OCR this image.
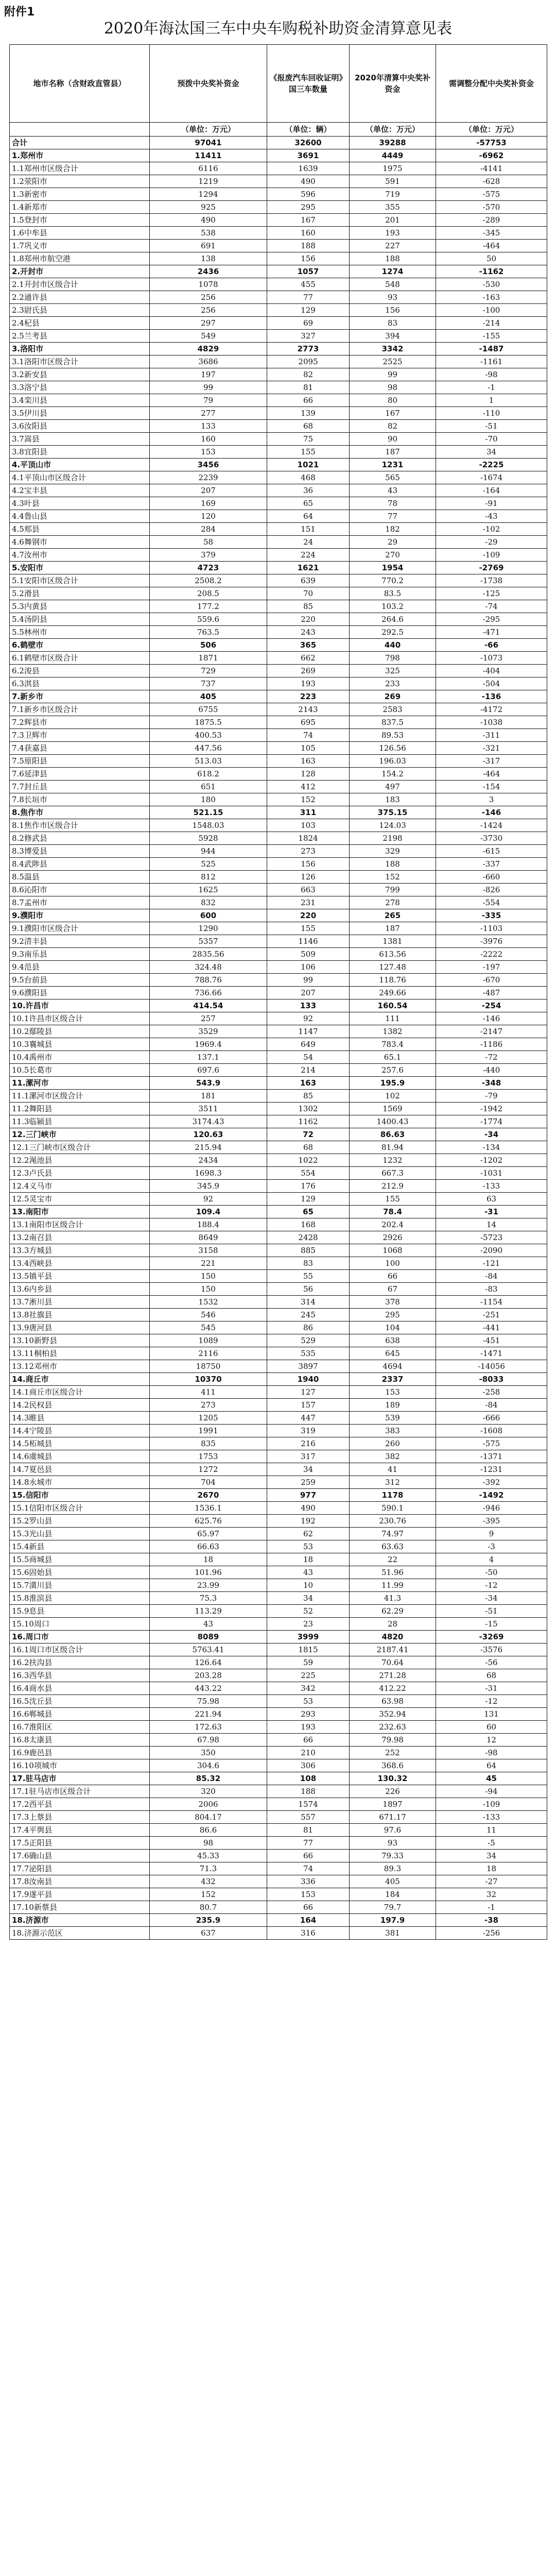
附件1
2020年海汰国三车中央车购税补助资金清算意见表
地市名称（含财政直管县）	预拨中央奖补资金	《报废汽车回收证明》国三车数量	2020年清算中央奖补资金	需调整分配中央奖补资金
	（单位：万元）	（单位：辆）	（单位：万元）	（单位：万元）
合计	97041	32600	39288	-57753
1.郑州市	11411	3691	4449	-6962
1.1郑州市区级合计	6116	1639	1975	-4141
1.2荥阳市	1219	490	591	-628
1.3新密市	1294	596	719	-575
1.4新郑市	925	295	355	-570
1.5登封市	490	167	201	-289
1.6中牟县	538	160	193	-345
1.7巩义市	691	188	227	-464
1.8郑州市航空港	138	156	188	50
2.开封市	2436	1057	1274	-1162
2.1开封市区级合计	1078	455	548	-530
2.2通许县	256	77	93	-163
2.3尉氏县	256	129	156	-100
2.4杞县	297	69	83	-214
2.5兰考县	549	327	394	-155
3.洛阳市	4829	2773	3342	-1487
3.1洛阳市区级合计	3686	2095	2525	-1161
3.2新安县	197	82	99	-98
3.3洛宁县	99	81	98	-1
3.4栾川县	79	66	80	1
3.5伊川县	277	139	167	-110
3.6汝阳县	133	68	82	-51
3.7嵩县	160	75	90	-70
3.8宜阳县	153	155	187	34
4.平顶山市	3456	1021	1231	-2225
4.1平顶山市区级合计	2239	468	565	-1674
4.2宝丰县	207	36	43	-164
4.3叶县	169	65	78	-91
4.4鲁山县	120	64	77	-43
4.5郏县	284	151	182	-102
4.6舞钢市	58	24	29	-29
4.7汝州市	379	224	270	-109
5.安阳市	4723	1621	1954	-2769
5.1安阳市区级合计	2508.2	639	770.2	-1738
5.2滑县	208.5	70	83.5	-125
5.3内黄县	177.2	85	103.2	-74
5.4汤阴县	559.6	220	264.6	-295
5.5林州市	763.5	243	292.5	-471
6.鹤壁市	506	365	440	-66
6.1鹤壁市区级合计	1871	662	798	-1073
6.2浚县	729	269	325	-404
6.3淇县	737	193	233	-504
7.新乡市	405	223	269	-136
7.1新乡市区级合计	6755	2143	2583	-4172
7.2辉县市	1875.5	695	837.5	-1038
7.3卫辉市	400.53	74	89.53	-311
7.4获嘉县	447.56	105	126.56	-321
7.5原阳县	513.03	163	196.03	-317
7.6延津县	618.2	128	154.2	-464
7.7封丘县	651	412	497	-154
7.8长垣市	180	152	183	3
8.焦作市	521.15	311	375.15	-146
8.1焦作市区级合计	1548.03	103	124.03	-1424
8.2修武县	5928	1824	2198	-3730
8.3博爱县	944	273	329	-615
8.4武陟县	525	156	188	-337
8.5温县	812	126	152	-660
8.6沁阳市	1625	663	799	-826
8.7孟州市	832	231	278	-554
9.濮阳市	600	220	265	-335
9.1濮阳市区级合计	1290	155	187	-1103
9.2清丰县	5357	1146	1381	-3976
9.3南乐县	2835.56	509	613.56	-2222
9.4范县	324.48	106	127.48	-197
9.5台前县	788.76	99	118.76	-670
9.6濮阳县	736.66	207	249.66	-487
10.许昌市	414.54	133	160.54	-254
10.1许昌市区级合计	257	92	111	-146
10.2鄢陵县	3529	1147	1382	-2147
10.3襄城县	1969.4	649	783.4	-1186
10.4禹州市	137.1	54	65.1	-72
10.5长葛市	697.6	214	257.6	-440
11.漯河市	543.9	163	195.9	-348
11.1漯河市区级合计	181	85	102	-79
11.2舞阳县	3511	1302	1569	-1942
11.3临颍县	3174.43	1162	1400.43	-1774
12.三门峡市	120.63	72	86.63	-34
12.1三门峡市区级合计	215.94	68	81.94	-134
12.2渑池县	2434	1022	1232	-1202
12.3卢氏县	1698.3	554	667.3	-1031
12.4义马市	345.9	176	212.9	-133
12.5灵宝市	92	129	155	63
13.南阳市	109.4	65	78.4	-31
13.1南阳市区级合计	188.4	168	202.4	14
13.2南召县	8649	2428	2926	-5723
13.3方城县	3158	885	1068	-2090
13.4西峡县	221	83	100	-121
13.5镇平县	150	55	66	-84
13.6内乡县	150	56	67	-83
13.7淅川县	1532	314	378	-1154
13.8社旗县	546	245	295	-251
13.9唐河县	545	86	104	-441
13.10新野县	1089	529	638	-451
13.11桐柏县	2116	535	645	-1471
13.12邓州市	18750	3897	4694	-14056
14.商丘市	10370	1940	2337	-8033
14.1商丘市区级合计	411	127	153	-258
14.2民权县	273	157	189	-84
14.3睢县	1205	447	539	-666
14.4宁陵县	1991	319	383	-1608
14.5柘城县	835	216	260	-575
14.6虞城县	1753	317	382	-1371
14.7夏邑县	1272	34	41	-1231
14.8永城市	704	259	312	-392
15.信阳市	2670	977	1178	-1492
15.1信阳市区级合计	1536.1	490	590.1	-946
15.2罗山县	625.76	192	230.76	-395
15.3光山县	65.97	62	74.97	9
15.4新县	66.63	53	63.63	-3
15.5商城县	18	18	22	4
15.6固始县	101.96	43	51.96	-50
15.7潢川县	23.99	10	11.99	-12
15.8淮滨县	75.3	34	41.3	-34
15.9息县	113.29	52	62.29	-51
15.10周口	43	23	28	-15
16.周口市	8089	3999	4820	-3269
16.1周口市区级合计	5763.41	1815	2187.41	-3576
16.2扶沟县	126.64	59	70.64	-56
16.3西华县	203.28	225	271.28	68
16.4商水县	443.22	342	412.22	-31
16.5沈丘县	75.98	53	63.98	-12
16.6郸城县	221.94	293	352.94	131
16.7淮阳区	172.63	193	232.63	60
16.8太康县	67.98	66	79.98	12
16.9鹿邑县	350	210	252	-98
16.10项城市	304.6	306	368.6	64
17.驻马店市	85.32	108	130.32	45
17.1驻马店市区级合计	320	188	226	-94
17.2西平县	2006	1574	1897	-109
17.3上蔡县	804.17	557	671.17	-133
17.4平舆县	86.6	81	97.6	11
17.5正阳县	98	77	93	-5
17.6确山县	45.33	66	79.33	34
17.7泌阳县	71.3	74	89.3	18
17.8汝南县	432	336	405	-27
17.9遂平县	152	153	184	32
17.10新蔡县	80.7	66	79.7	-1
18.济源市	235.9	164	197.9	-38
18.济源示范区	637	316	381	-256
